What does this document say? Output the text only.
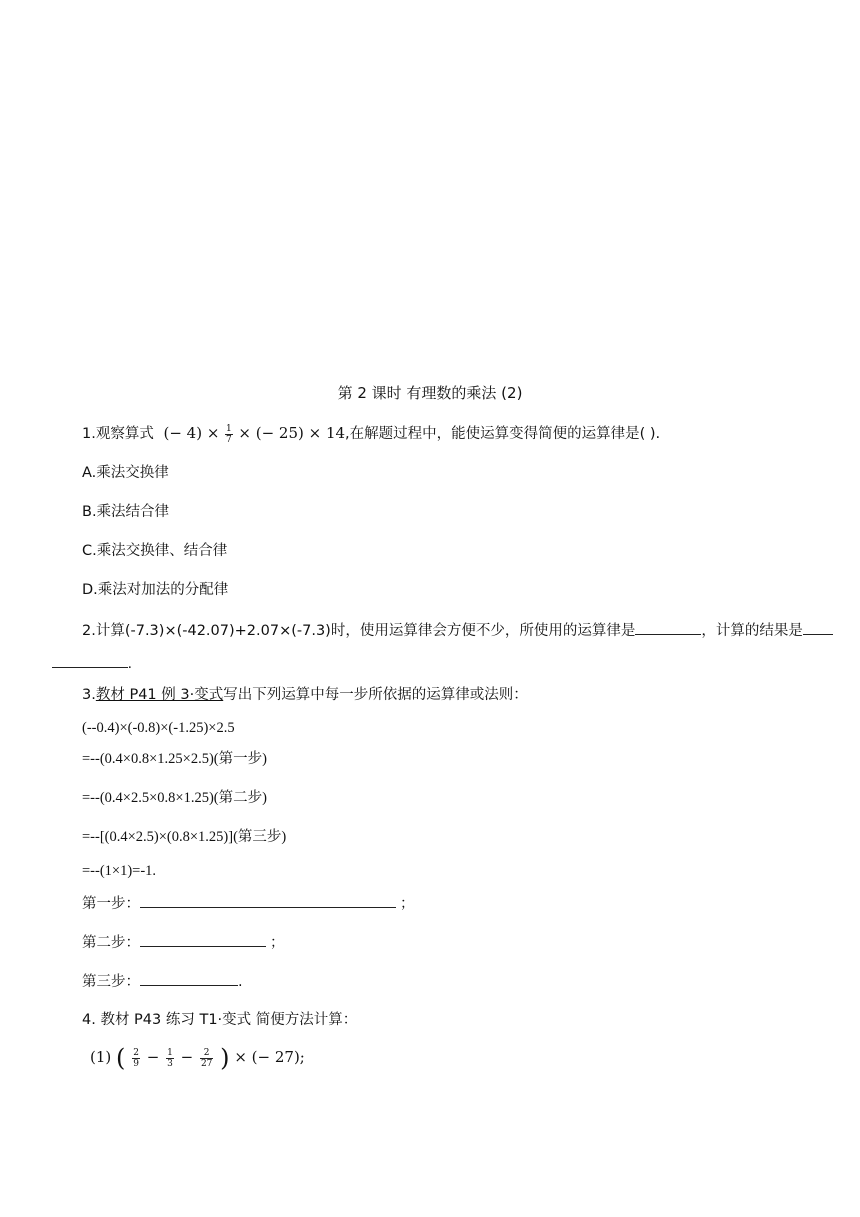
第 2 课时 有理数的乘法 (2)
1.观察算式 (− $4) \times \frac{1}{7}$ × (− 25) × 14,在解题过程中，能使运算变得简便的运算律是( ).
A.乘法交换律
B.乘法结合律
C.乘法交换律、结合律
D.乘法对加法的分配律
2.计算(-7.3)×(-42.07)+2.07×(-7.3)时，使用运算律会方便不少，所使用的运算律是	，计算的结果是
.
3.教材 P41 例 3·变式写出下列运算中每一步所依据的运算律或法则：
(--0.4)×(-0.8)×(-1.25)×2.5
=--(0.4×0.8×1.25×2.5)(第一步)
=--(0.4×2.5×0.8×1.25)(第二步)
=--[(0.4×2.5)×(0.8×1.25)](第三步)
=--(1×1)=-1.
第一步：	；
第二步：	；
第三步：	.
4. 教材 P43 练习 T1·变式 简便方法计算：
(1) ( $\frac{2}{9} - \frac{1}{3} - \frac{2}{27}$ ) × (− 27);
